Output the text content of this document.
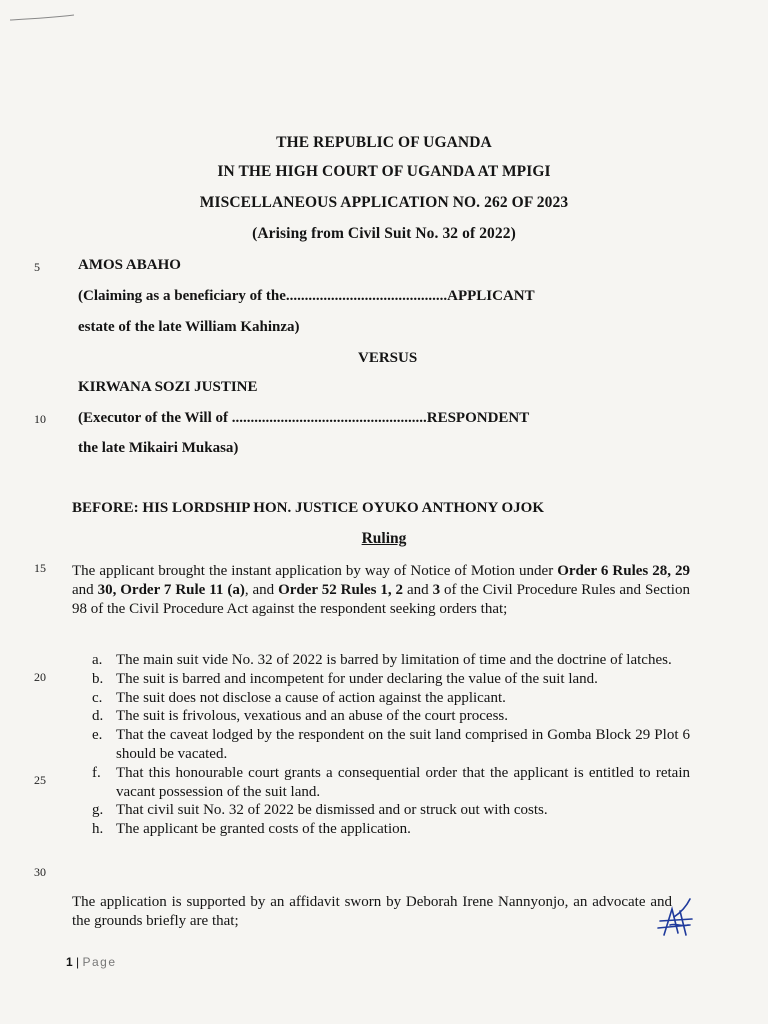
THE REPUBLIC OF UGANDA
IN THE HIGH COURT OF UGANDA AT MPIGI
MISCELLANEOUS APPLICATION NO. 262 OF 2023
(Arising from Civil Suit No. 32 of 2022)
5
10
15
20
25
30
AMOS ABAHO
(Claiming as a beneficiary of the...........................................APPLICANT
estate of the late William Kahinza)
VERSUS
KIRWANA SOZI JUSTINE
(Executor of the Will of ....................................................RESPONDENT
the late Mikairi Mukasa)
BEFORE: HIS LORDSHIP HON. JUSTICE OYUKO ANTHONY OJOK
Ruling
The applicant brought the instant application by way of Notice of Motion under Order 6 Rules 28, 29 and 30, Order 7 Rule 11 (a), and Order 52 Rules 1, 2 and 3 of the Civil Procedure Rules and Section 98 of the Civil Procedure Act against the respondent seeking orders that;
a. The main suit vide No. 32 of 2022 is barred by limitation of time and the doctrine of latches.
b. The suit is barred and incompetent for under declaring the value of the suit land.
c. The suit does not disclose a cause of action against the applicant.
d. The suit is frivolous, vexatious and an abuse of the court process.
e. That the caveat lodged by the respondent on the suit land comprised in Gomba Block 29 Plot 6 should be vacated.
f. That this honourable court grants a consequential order that the applicant is entitled to retain vacant possession of the suit land.
g. That civil suit No. 32 of 2022 be dismissed and or struck out with costs.
h. The applicant be granted costs of the application.
The application is supported by an affidavit sworn by Deborah Irene Nannyonjo, an advocate and the grounds briefly are that;
1 | Page
